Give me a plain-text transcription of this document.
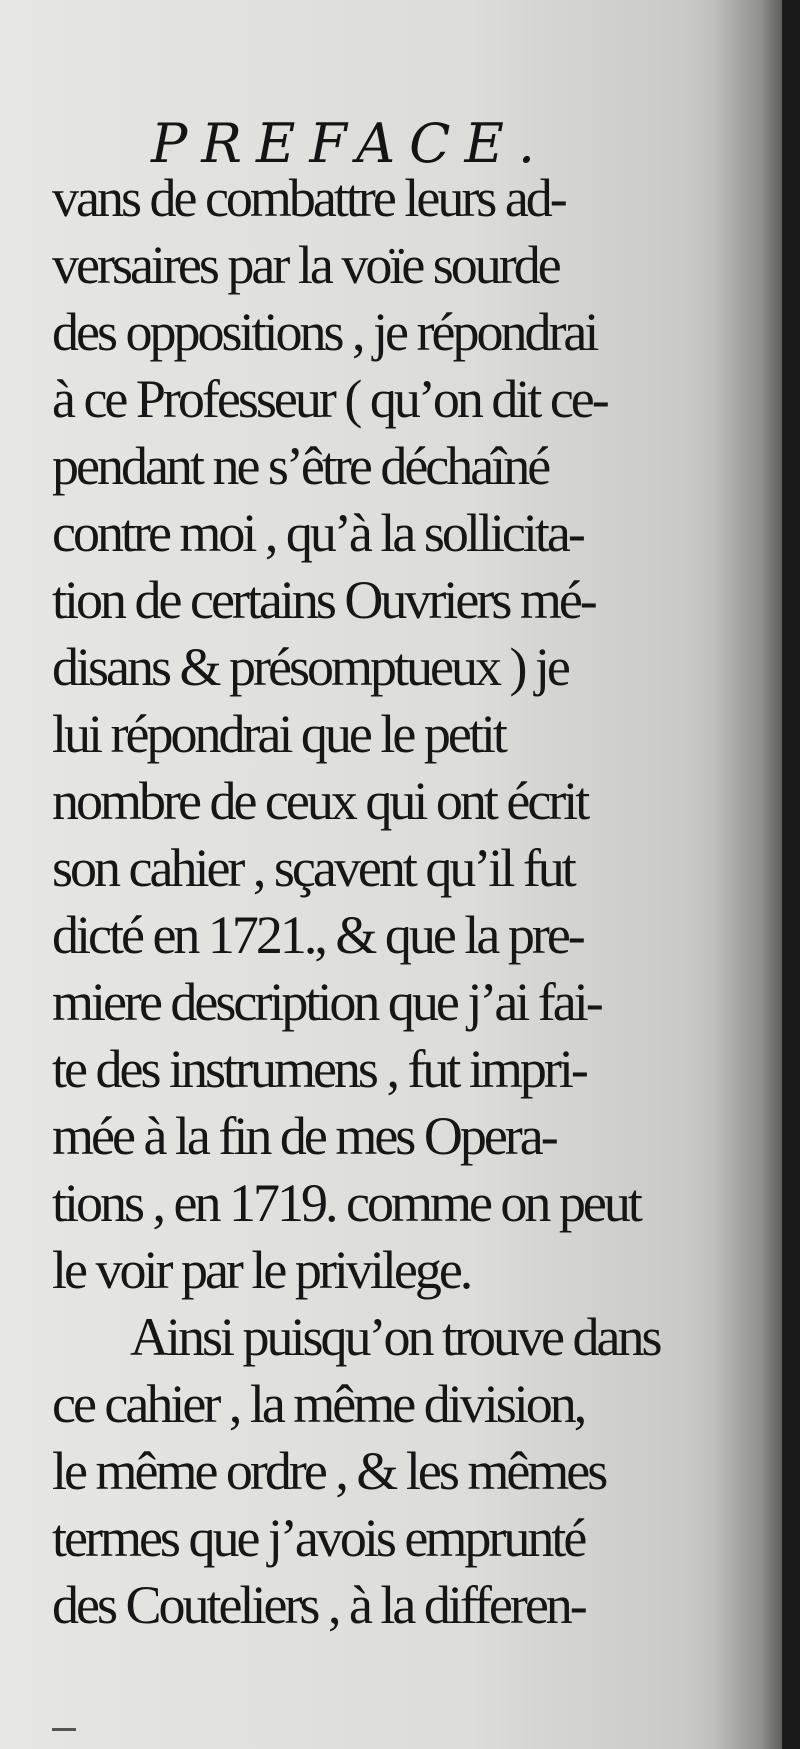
PREFACE.
vans de combattre leurs ad-
versaires par la voïe sourde
des oppositions , je répondrai
à ce Professeur ( qu’on dit ce-
pendant ne s’être déchaîné
contre moi , qu’à la sollicita-
tion de certains Ouvriers mé-
disans & présomptueux ) je
lui répondrai que le petit
nombre de ceux qui ont écrit
son cahier , sçavent qu’il fut
dicté en 1721., & que la pre-
miere description que j’ai fai-
te des instrumens , fut impri-
mée à la fin de mes Opera-
tions , en 1719. comme on peut
le voir par le privilege.
Ainsi puisqu’on trouve dans
ce cahier , la même division,
le même ordre , & les mêmes
termes que j’avois emprunté
des Couteliers , à la differen-
